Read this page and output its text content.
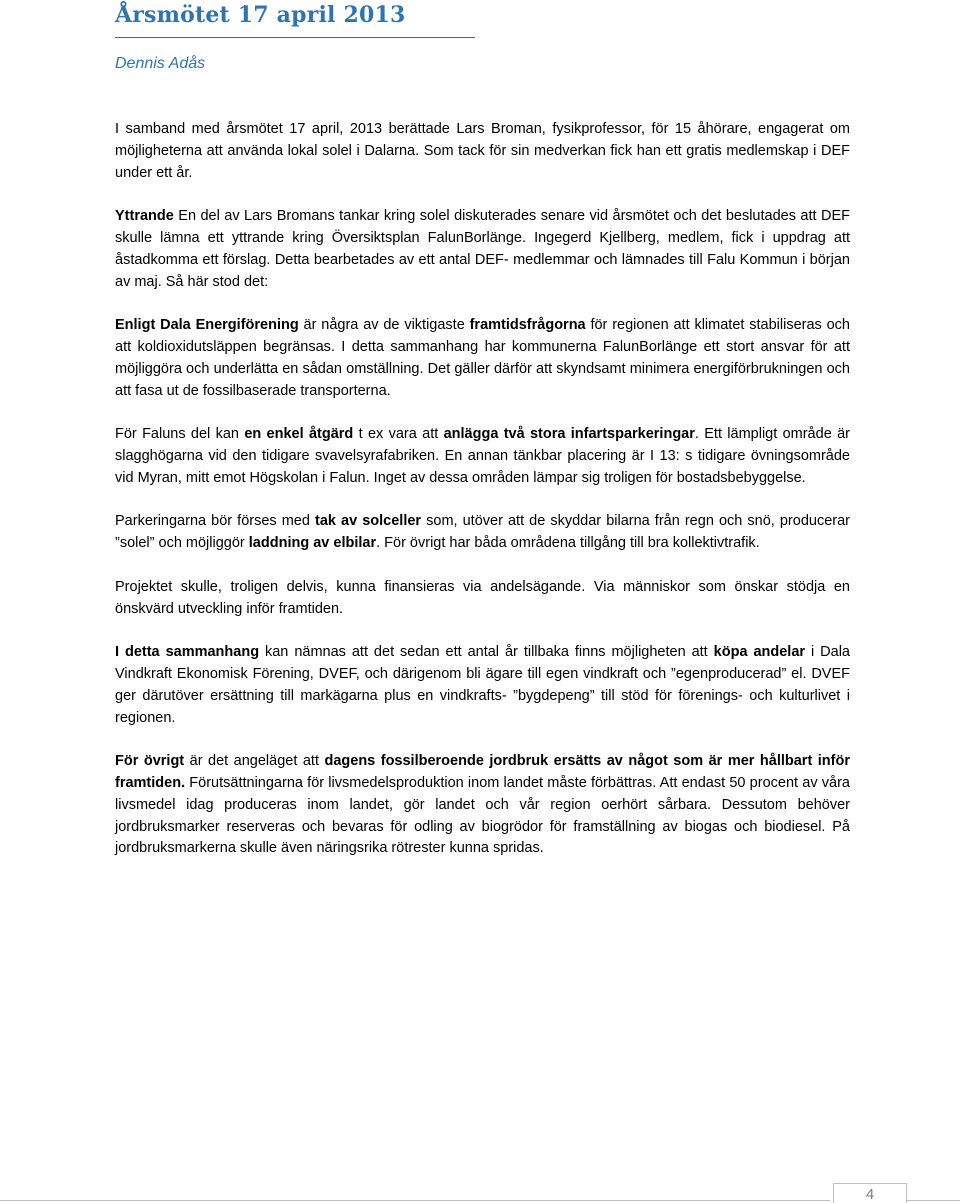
Årsmötet 17 april 2013

Dennis Adås

I samband med årsmötet 17 april, 2013 berättade Lars Broman, fysikprofessor, för 15 åhörare, engagerat om möjligheterna att använda lokal solel i Dalarna. Som tack för sin medverkan fick han ett gratis medlemskap i DEF under ett år.

Yttrande En del av Lars Bromans tankar kring solel diskuterades senare vid årsmötet och det beslutades att DEF skulle lämna ett yttrande kring Översiktsplan FalunBorlänge. Ingegerd Kjellberg, medlem, fick i uppdrag att åstadkomma ett förslag. Detta bearbetades av ett antal DEF- medlemmar och lämnades till Falu Kommun i början av maj. Så här stod det:

Enligt Dala Energiförening är några av de viktigaste framtidsfrågorna för regionen att klimatet stabiliseras och att koldioxidutsläppen begränsas. I detta sammanhang har kommunerna FalunBorlänge ett stort ansvar för att möjliggöra och underlätta en sådan omställning. Det gäller därför att skyndsamt minimera energiförbrukningen och att fasa ut de fossilbaserade transporterna.

För Faluns del kan en enkel åtgärd t ex vara att anlägga två stora infartsparkeringar. Ett lämpligt område är slagghögarna vid den tidigare svavelsyrafabriken. En annan tänkbar placering är I 13: s tidigare övningsområde vid Myran, mitt emot Högskolan i Falun. Inget av dessa områden lämpar sig troligen för bostadsbebyggelse.

Parkeringarna bör förses med tak av solceller som, utöver att de skyddar bilarna från regn och snö, producerar ”solel” och möjliggör laddning av elbilar. För övrigt har båda områdena tillgång till bra kollektivtrafik.

Projektet skulle, troligen delvis, kunna finansieras via andelsägande. Via människor som önskar stödja en önskvärd utveckling inför framtiden.

I detta sammanhang kan nämnas att det sedan ett antal år tillbaka finns möjligheten att köpa andelar i Dala Vindkraft Ekonomisk Förening, DVEF, och därigenom bli ägare till egen vindkraft och ”egenproducerad” el. DVEF ger därutöver ersättning till markägarna plus en vindkrafts- ”bygdepeng” till stöd för förenings- och kulturlivet i regionen.

För övrigt är det angeläget att dagens fossilberoende jordbruk ersätts av något som är mer hållbart inför framtiden. Förutsättningarna för livsmedelsproduktion inom landet måste förbättras. Att endast 50 procent av våra livsmedel idag produceras inom landet, gör landet och vår region oerhört sårbara. Dessutom behöver jordbruksmarker reserveras och bevaras för odling av biogrödor för framställning av biogas och biodiesel. På jordbruksmarkerna skulle även näringsrika rötrester kunna spridas.

4
